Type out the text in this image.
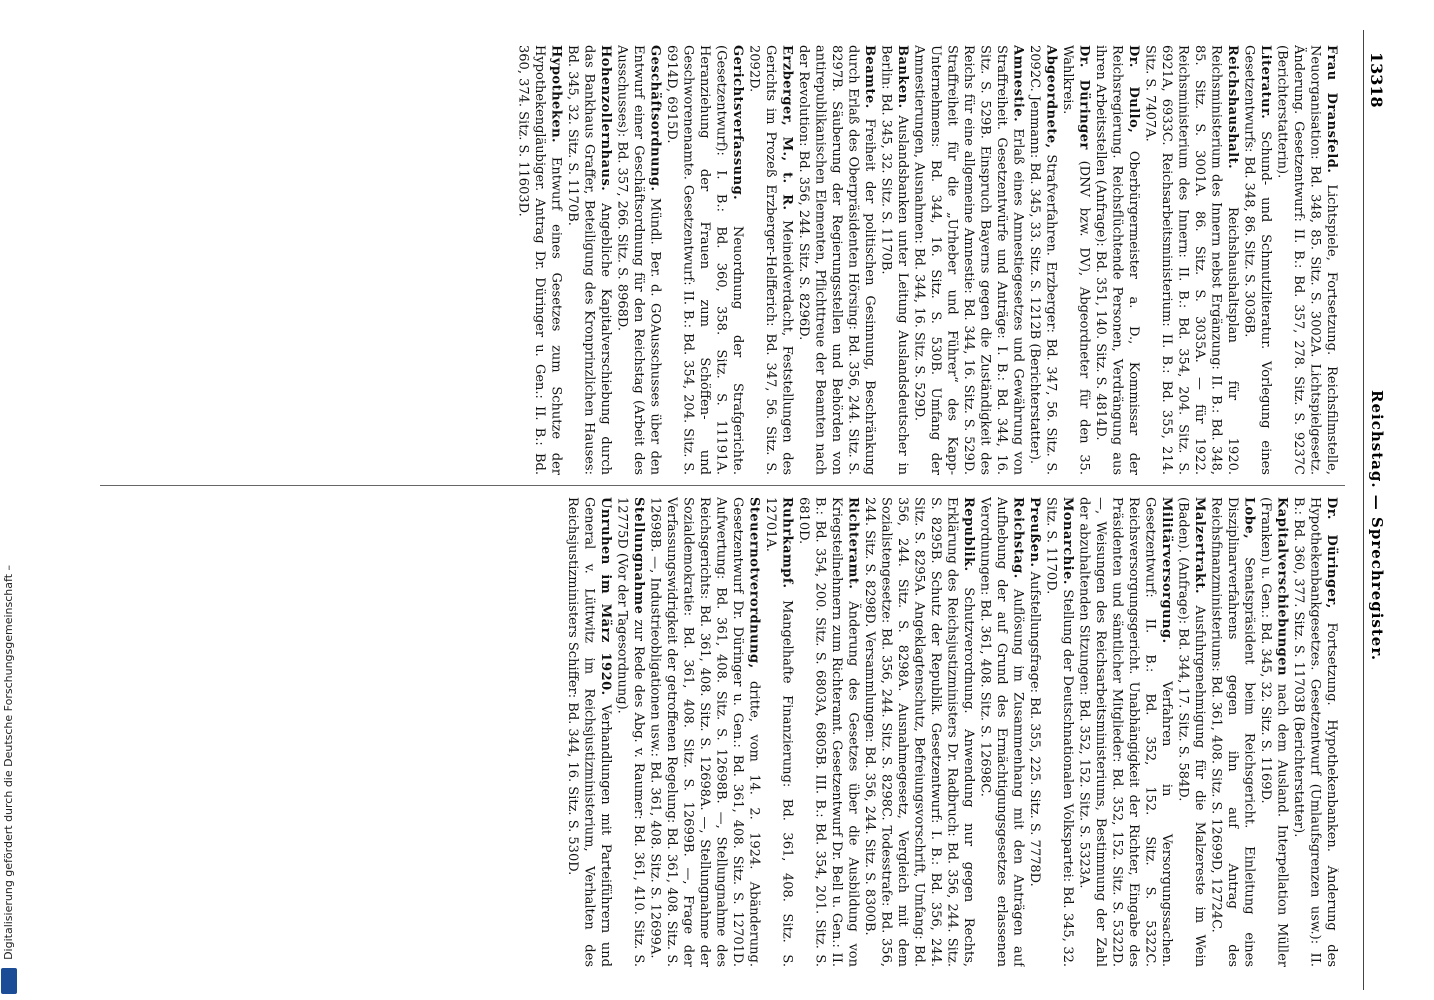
13318
Reichstag. — Sprechregister.

Frau Dransfeld. Lichtspiele, Fortsetzung. Reichsfilmstelle, Neuorganisation: Bd. 348, 85. Sitz. S. 3002A. Lichtspielgesetz. Änderung. Gesetzentwurf: II. B.: Bd. 357, 278. Sitz. S. 9237C (Berichterstatterin).

Literatur. Schund- und Schmutzliteratur. Vorlegung eines Gesetzentwurfs: Bd. 348, 86. Sitz. S. 3036B.

Reichshaushalt. Reichshaushaltsplan für 1920. Reichsministerium des Innern nebst Ergänzung: II. B.: Bd. 348, 85. Sitz. S. 3001A. 86. Sitz. S. 3035A. — für 1922. Reichsministerium des Innern: II. B.: Bd. 354, 204. Sitz. S. 6921A, 6933C. Reichsarbeitsministerium: II. B.: Bd. 355, 214. Sitz. S. 7407A.

Dr. Dullo, Oberbürgermeister a. D., Kommissar der Reichsregierung. Reichsflüchtende Personen, Verdrängung aus ihren Arbeitsstellen (Anfrage): Bd. 351, 140. Sitz. S. 4814D.

Dr. Düringer (DNV bzw. DV), Abgeordneter für den 35. Wahlkreis.

Abgeordnete, Strafverfahren. Erzberger: Bd. 347, 56. Sitz. S. 2092C. Jenmann: Bd. 345, 33. Sitz. S. 1212B (Berichterstatter).

Amnestie. Erlaß eines Amnestiegesetzes und Gewährung von Straffreiheit. Gesetzentwürfe und Anträge: I. B.: Bd. 344, 16. Sitz. S. 529B. Einspruch Bayerns gegen die Zuständigkeit des Reichs für eine allgemeine Amnestie: Bd. 344, 16. Sitz. S. 529D. Straffreiheit für die „Urheber und Führer“ des Kapp-Unternehmens: Bd. 344, 16. Sitz. S. 530B. Umfang der Amnestierungen, Ausnahmen: Bd. 344, 16. Sitz. S. 529D.

Banken. Auslandsbanken unter Leitung Auslandsdeutscher in Berlin: Bd. 345, 32. Sitz. S. 1170B.

Beamte. Freiheit der politischen Gesinnung, Beschränkung durch Erlaß des Oberpräsidenten Hörsing: Bd. 356, 244. Sitz. S. 8297B. Säuberung der Regierungsstellen und Behörden von antirepublikanischen Elementen, Pflichttreue der Beamten nach der Revolution: Bd. 356, 244. Sitz. S. 8296D.

Erzberger, M., t. R. Meineidverdacht, Feststellungen des Gerichts im Prozeß Erzberger-Helfferich: Bd. 347, 56. Sitz. S. 2092D.

Gerichtsverfassung. Neuordnung der Strafgerichte. (Gesetzentwurf): I. B.: Bd. 360, 358. Sitz. S. 11191A. Heranziehung der Frauen zum Schöffen- und Geschworenenamte. Gesetzentwurf: II. B.: Bd. 354, 204. Sitz. S. 6914D, 6915D.

Geschäftsordnung. Mündl. Ber. d. GOAusschusses über den Entwurf einer Geschäftsordnung für den Reichstag (Arbeit des Ausschusses): Bd. 357, 266. Sitz. S. 8968D.

Hohenzollernhaus. Angebliche Kapitalverschiebung durch das Bankhaus Graffer, Beteiligung des Kronprinzlichen Hauses: Bd. 345, 32. Sitz. S. 1170B.

Hypotheken. Entwurf eines Gesetzes zum Schutze der Hypothekengläubiger. Antrag Dr. Düringer u. Gen.: II. B.: Bd. 360, 374. Sitz. S. 11603D.

Dr. Düringer, Fortsetzung. Hypothekenbanken. Änderung des Hypothekenbankgesetzes. Gesetzentwurf (Umlaufsgrenzen usw.): II. B.: Bd. 360, 377. Sitz. S. 11703B (Berichterstatter).

Kapitalverschiebungen nach dem Ausland. Interpellation Müller (Franken) u. Gen.: Bd. 345, 32. Sitz. S. 1169D.

Lobe, Senatspräsident beim Reichsgericht. Einleitung eines Disziplinarverfahrens gegen ihn auf Antrag des Reichsfinanzministeriums: Bd. 361, 408. Sitz. S. 12699D, 12724C.

Malzertrakt. Ausfuhrgenehmigung für die Malzereste im Wein (Baden). (Anfrage): Bd. 344, 17. Sitz. S. 584D.

Militärversorgung. Verfahren in Versorgungssachen. Gesetzentwurf: II. B.: Bd. 352, 152. Sitz. S. 5322C. Reichsversorgungsgericht. Unabhängigkeit der Richter, Eingabe des Präsidenten und sämtlicher Mitglieder: Bd. 352, 152. Sitz. S. 5322D. —, Weisungen des Reichsarbeitsministeriums, Bestimmung der Zahl der abzuhaltenden Sitzungen: Bd. 352, 152. Sitz. S. 5323A.

Monarchie. Stellung der Deutschnationalen Volkspartei: Bd. 345, 32. Sitz. S. 1170D.

Preußen. Aufstellungsfrage: Bd. 355, 225. Sitz. S. 7778D.

Reichstag. Auflösung im Zusammenhang mit den Anträgen auf Aufhebung der auf Grund des Ermächtigungsgesetzes erlassenen Verordnungen: Bd. 361, 408. Sitz. S. 12698C.

Republik. Schutzverordnung. Anwendung nur gegen Rechts, Erklärung des Reichsjustizministers Dr. Radbruch: Bd. 356, 244. Sitz. S. 8295B. Schutz der Republik. Gesetzentwurf: I. B.: Bd. 356, 244. Sitz. S. 8295A. Angeklagtenschutz, Befreiungsvorschrift, Umfang: Bd. 356, 244. Sitz. S. 8298A. Ausnahmegesetz, Vergleich mit dem Sozialistengesetze: Bd. 356, 244. Sitz. S. 8298C. Todesstrafe: Bd. 356, 244. Sitz. S. 8298D. Versammlungen: Bd. 356, 244. Sitz. S. 8300B.

Richteramt. Änderung des Gesetzes über die Ausbildung von Kriegsteilnehmern zum Richteramt. Gesetzentwurf Dr. Bell u. Gen.: II. B.: Bd. 354, 200. Sitz. S. 6803A, 6805B. III. B.: Bd. 354, 201. Sitz. S. 6810D.

Ruhrkampf. Mangelhafte Finanzierung: Bd. 361, 408. Sitz. S. 12701A.

Steuernotverordnung, dritte, vom 14. 2. 1924. Abänderung. Gesetzentwurf Dr. Düringer u. Gen.: Bd. 361, 408. Sitz. S. 12701D. Aufwertung: Bd. 361, 408. Sitz. S. 12698B. —, Stellungnahme des Reichsgerichts: Bd. 361, 408. Sitz. S. 12698A. —, Stellungnahme der Sozialdemokratie: Bd. 361, 408. Sitz. S. 12699B. —, Frage der Verfassungswidrigkeit der getroffenen Regelung: Bd. 361, 408. Sitz. S. 12698B. —, Industrieobligationen usw.: Bd. 361, 408. Sitz. S. 12699A.

Stellungnahme zur Rede des Abg. v. Raumer: Bd. 361, 410. Sitz. S. 12775D (Vor der Tagesordnung).

Unruhen im März 1920. Verhandlungen mit Parteiführern und General v. Lüttwitz im Reichsjustizministerium, Verhalten des Reichsjustizministers Schiffer: Bd. 344, 16. Sitz. S. 530D.

Digitalisierung gefördert durch die Deutsche Forschungsgemeinschaft –
